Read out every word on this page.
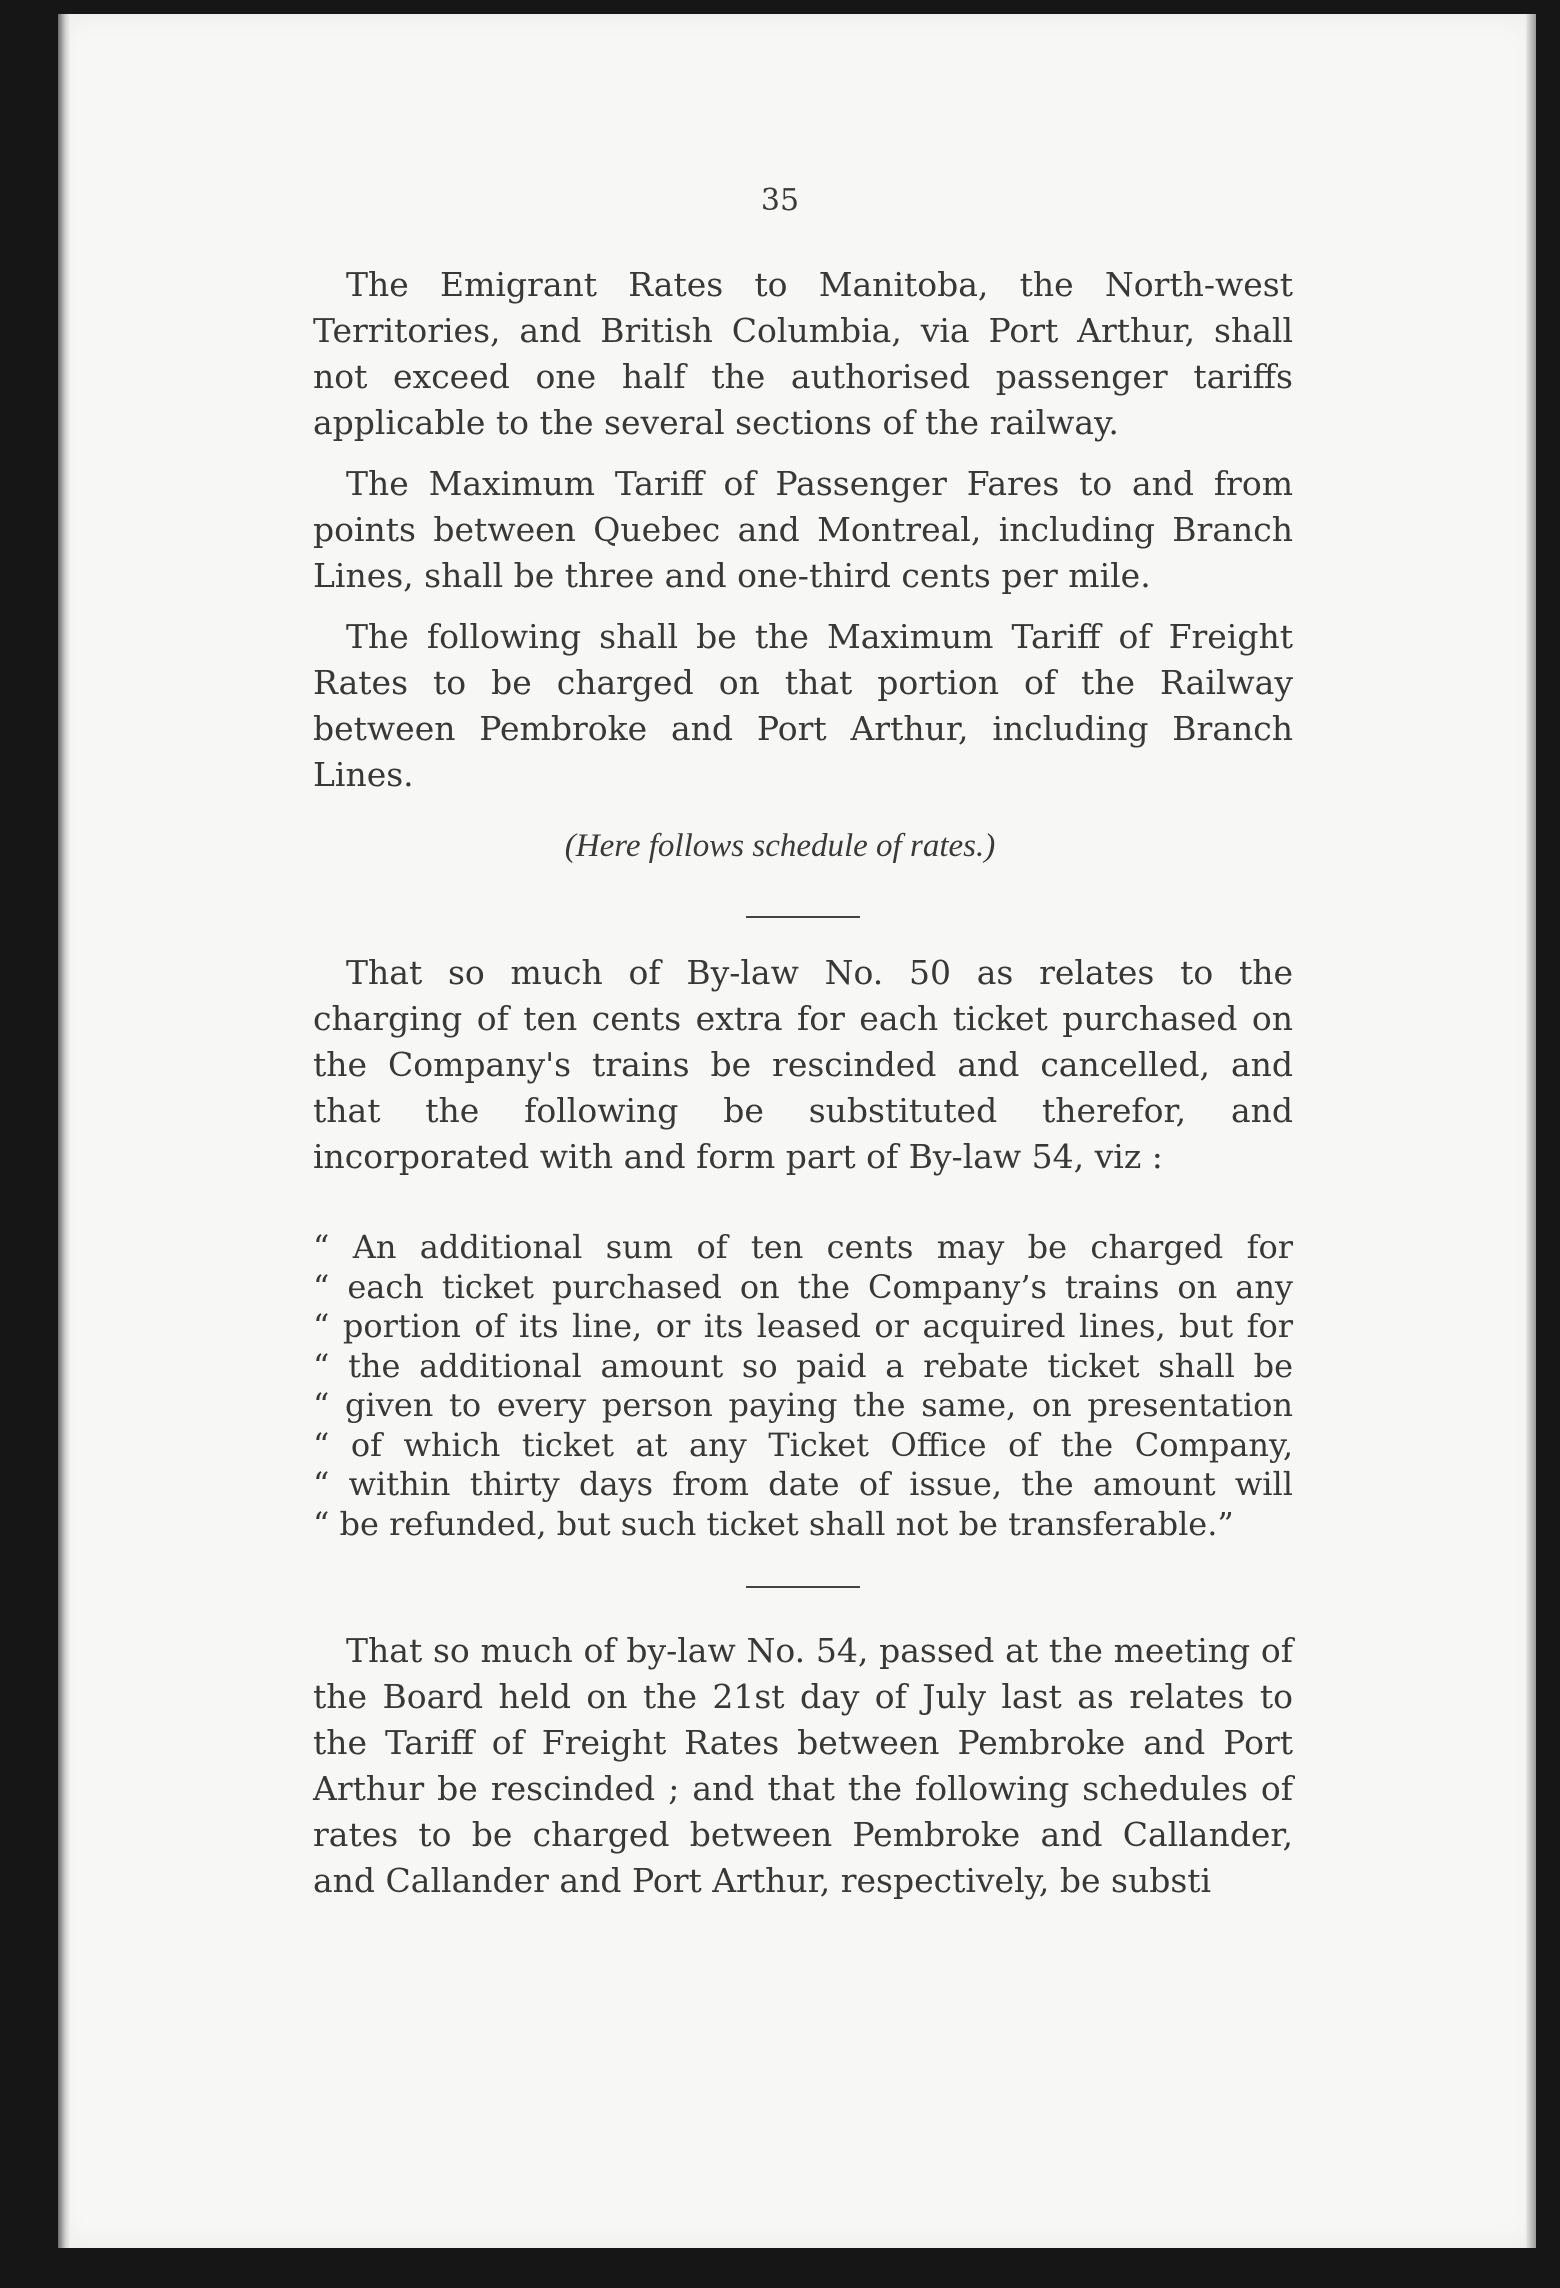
35

The Emigrant Rates to Manitoba, the North-west Territories, and British Columbia, via Port Arthur, shall not exceed one half the authorised passenger tariffs applicable to the several sections of the railway.

The Maximum Tariff of Passenger Fares to and from points between Quebec and Montreal, including Branch Lines, shall be three and one-third cents per mile.

The following shall be the Maximum Tariff of Freight Rates to be charged on that portion of the Railway between Pembroke and Port Arthur, including Branch Lines.

(Here follows schedule of rates.)

That so much of By-law No. 50 as relates to the charging of ten cents extra for each ticket purchased on the Company's trains be rescinded and cancelled, and that the following be substituted therefor, and incorporated with and form part of By-law 54, viz :

“ An additional sum of ten cents may be charged for
“ each ticket purchased on the Company’s trains on any
“ portion of its line, or its leased or acquired lines, but for
“ the additional amount so paid a rebate ticket shall be
“ given to every person paying the same, on presentation
“ of which ticket at any Ticket Office of the Company,
“ within thirty days from date of issue, the amount will
“ be refunded, but such ticket shall not be transferable.”

That so much of by-law No. 54, passed at the meeting of the Board held on the 21st day of July last as relates to the Tariff of Freight Rates between Pembroke and Port Arthur be rescinded ; and that the following schedules of rates to be charged between Pembroke and Callander, and Callander and Port Arthur, respectively, be substi
